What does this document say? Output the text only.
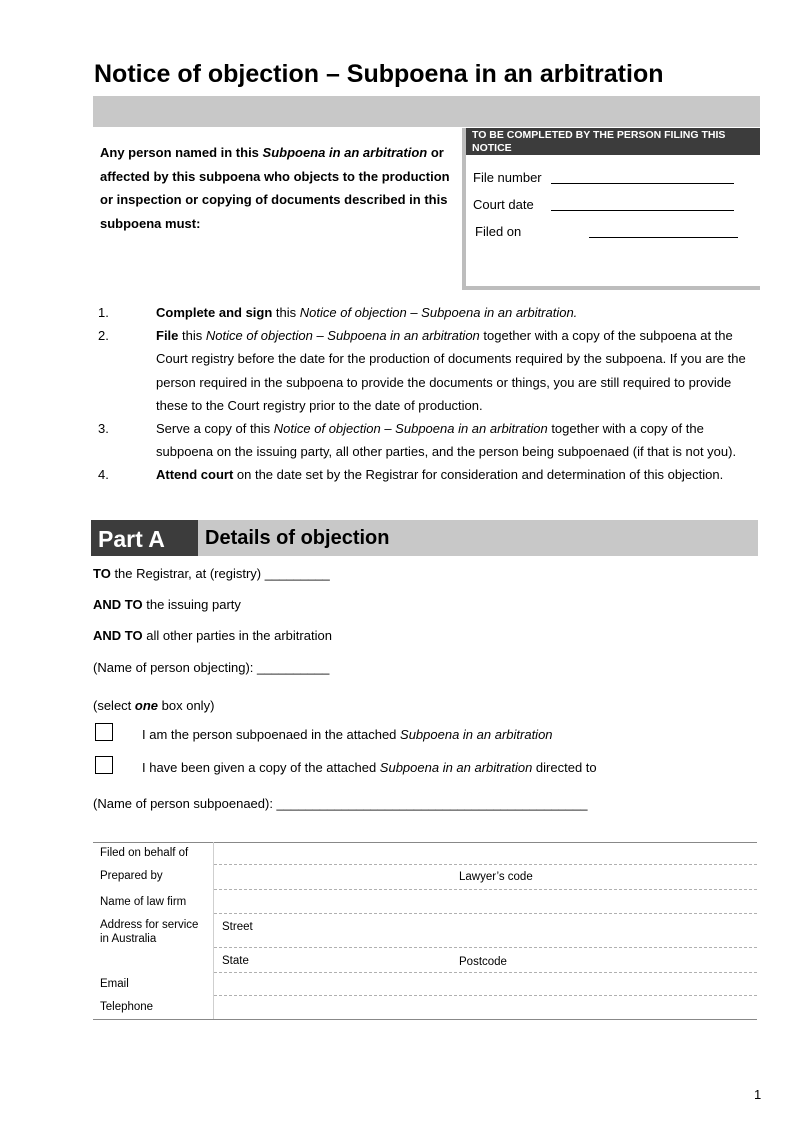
Notice of objection – Subpoena in an arbitration
Any person named in this Subpoena in an arbitration or affected by this subpoena who objects to the production or inspection or copying of documents described in this subpoena must:
TO BE COMPLETED BY THE PERSON FILING THIS NOTICE
File number
Court date
Filed on
1.	Complete and sign this Notice of objection – Subpoena in an arbitration.
2.	File this Notice of objection – Subpoena in an arbitration together with a copy of the subpoena at the Court registry before the date for the production of documents required by the subpoena. If you are the person required in the subpoena to provide the documents or things, you are still required to provide these to the Court registry prior to the date of production.
3.	Serve a copy of this Notice of objection – Subpoena in an arbitration together with a copy of the subpoena on the issuing party, all other parties, and the person being subpoenaed (if that is not you).
4.	Attend court on the date set by the Registrar for consideration and determination of this objection.
Part A	Details of objection
TO the Registrar, at (registry) _________
AND TO the issuing party
AND TO all other parties in the arbitration
(Name of person objecting): __________
(select one box only)
I am the person subpoenaed in the attached Subpoena in an arbitration
I have been given a copy of the attached Subpoena in an arbitration directed to
(Name of person subpoenaed): ___________________________________________
Filed on behalf of
Prepared by	Lawyer’s code
Name of law firm
Address for service in Australia
Street
State	Postcode
Email
Telephone
1
